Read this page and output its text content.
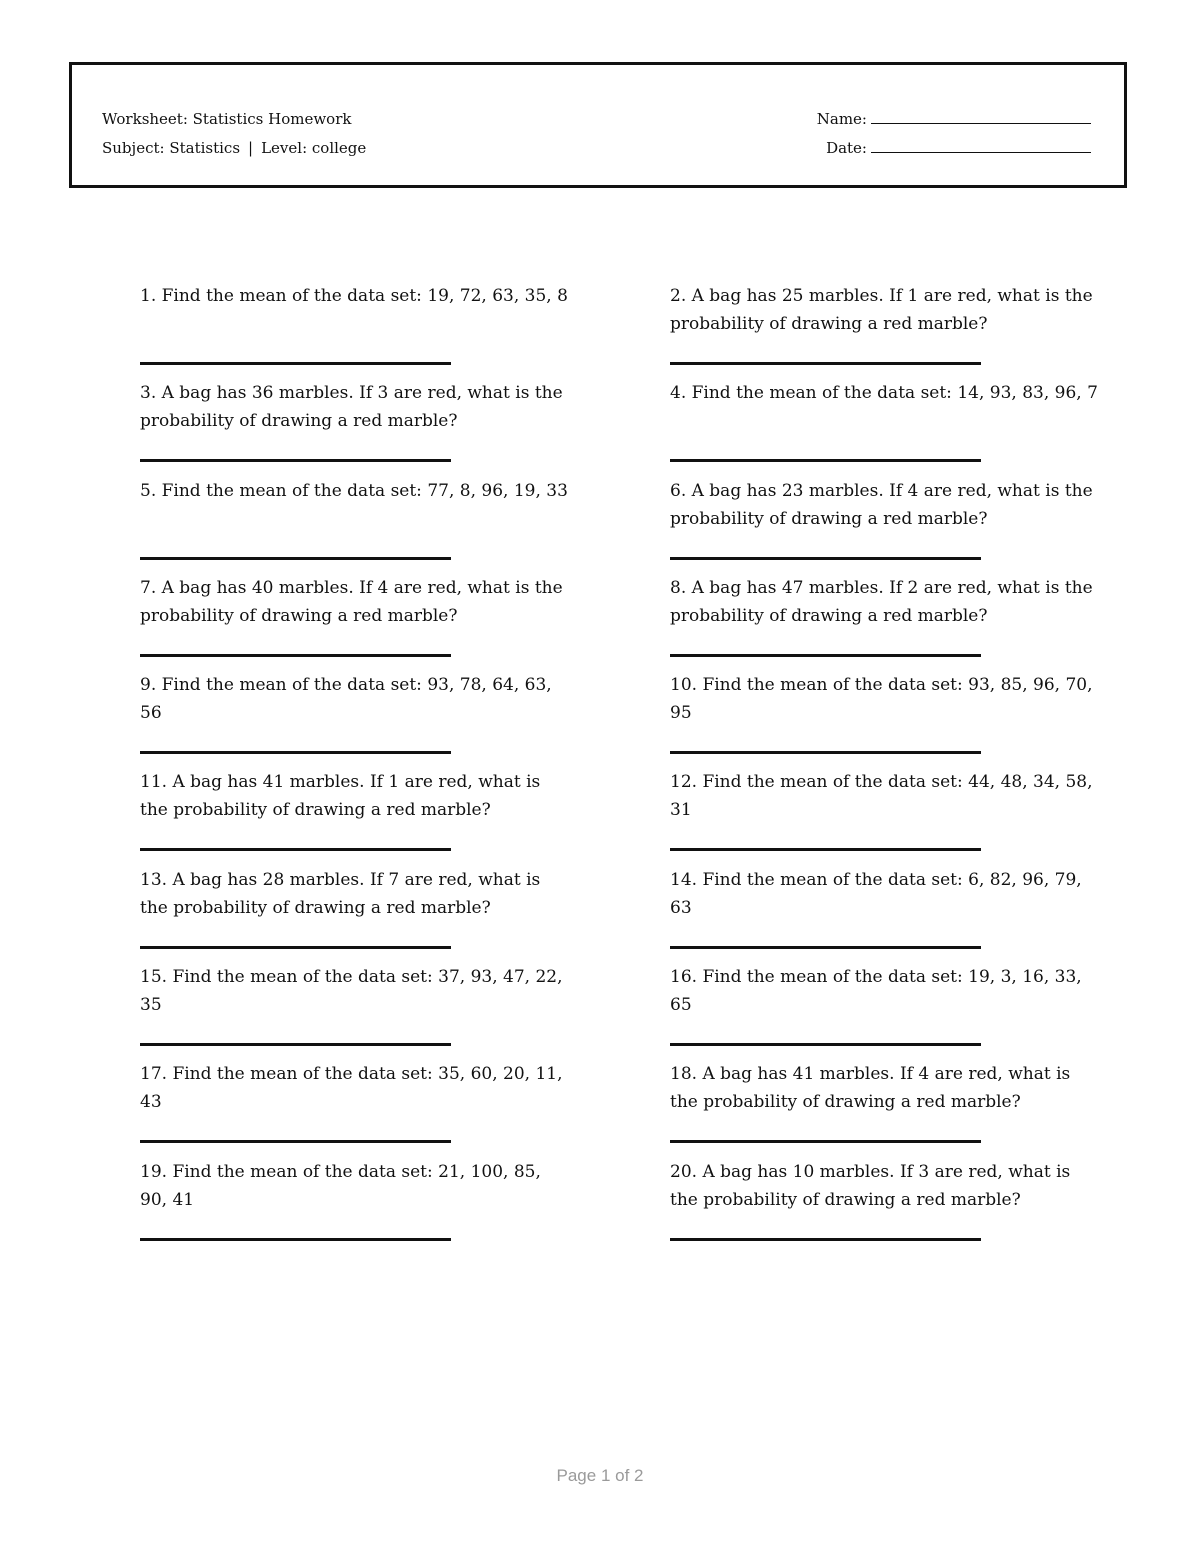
Worksheet: Statistics Homework
Subject: Statistics | Level: college
Name:
Date:

1. Find the mean of the data set: 19, 72, 63, 35, 8	2. A bag has 25 marbles. If 1 are red, what is the probability of drawing a red marble?

3. A bag has 36 marbles. If 3 are red, what is the probability of drawing a red marble?

4. Find the mean of the data set: 14, 93, 83, 96, 7

5. Find the mean of the data set: 77, 8, 96, 19, 33	6. A bag has 23 marbles. If 4 are red, what is the probability of drawing a red marble?

7. A bag has 40 marbles. If 4 are red, what is the probability of drawing a red marble?

8. A bag has 47 marbles. If 2 are red, what is the probability of drawing a red marble?

9. Find the mean of the data set: 93, 78, 64, 63, 56

10. Find the mean of the data set: 93, 85, 96, 70, 95

11. A bag has 41 marbles. If 1 are red, what is the probability of drawing a red marble?

12. Find the mean of the data set: 44, 48, 34, 58, 31

13. A bag has 28 marbles. If 7 are red, what is the probability of drawing a red marble?

14. Find the mean of the data set: 6, 82, 96, 79, 63

15. Find the mean of the data set: 37, 93, 47, 22, 35

16. Find the mean of the data set: 19, 3, 16, 33, 65

17. Find the mean of the data set: 35, 60, 20, 11, 43

18. A bag has 41 marbles. If 4 are red, what is the probability of drawing a red marble?

19. Find the mean of the data set: 21, 100, 85, 90, 41

20. A bag has 10 marbles. If 3 are red, what is the probability of drawing a red marble?

Page 1 of 2
